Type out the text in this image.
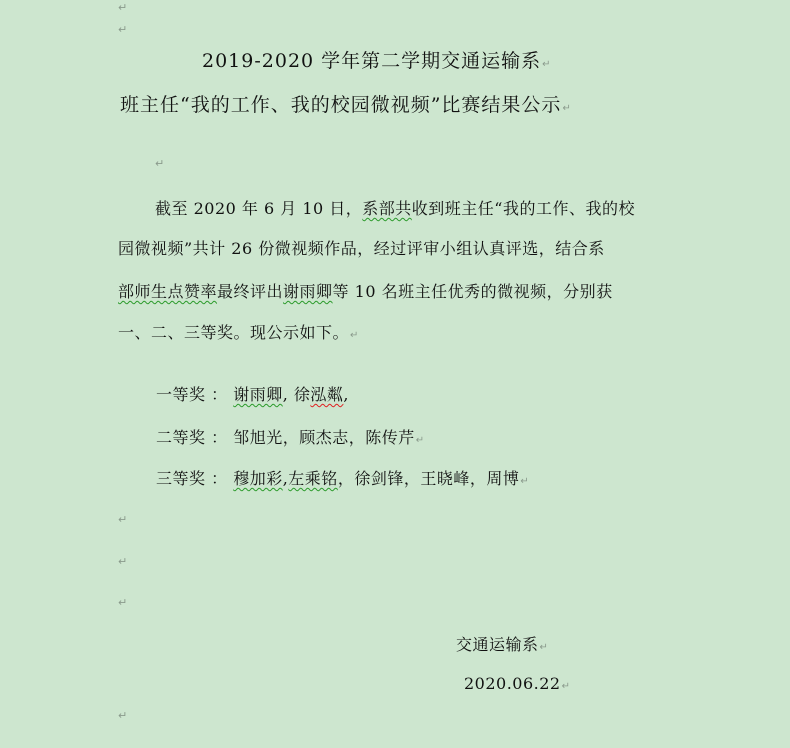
↵
↵
2019-2020 学年第二学期交通运输系↵
班主任“我的工作、我的校园微视频”比赛结果公示↵
↵
截至 2020 年 6 月 10 日，系部共收到班主任“我的工作、我的校
园微视频”共计 26 份微视频作品，经过评审小组认真评选，结合系
部师生点赞率最终评出谢雨卿等 10 名班主任优秀的微视频，分别获
一、二、三等奖。现公示如下。↵
一等奖 ： 谢雨卿, 徐泓粼,
二等奖 ： 邹旭光，顾杰志，陈传芹↵
三等奖 ： 穆加彩,左乘铭，徐剑锋，王晓峰，周博↵
↵
↵
↵
交通运输系↵
2020.06.22↵
↵
